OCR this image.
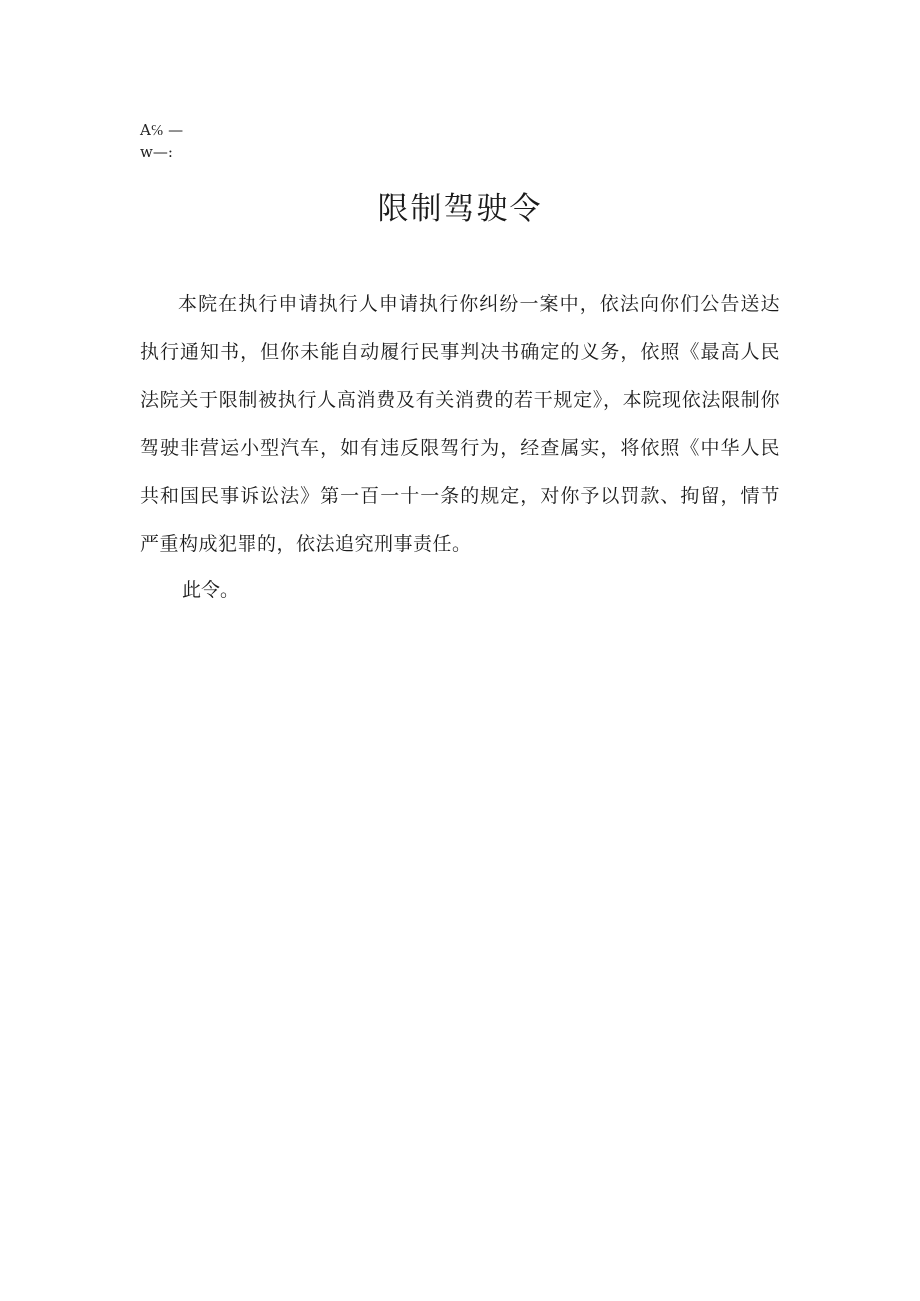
A℅ —
w—:
限制驾驶令

本院在执行申请执行人申请执行你纠纷一案中，依法向你们公告送达执行通知书，但你未能自动履行民事判决书确定的义务，依照《最高人民法院关于限制被执行人高消费及有关消费的若干规定》，本院现依法限制你驾驶非营运小型汽车，如有违反限驾行为，经查属实，将依照《中华人民共和国民事诉讼法》第一百一十一条的规定，对你予以罚款、拘留，情节严重构成犯罪的，依法追究刑事责任。

此令。
